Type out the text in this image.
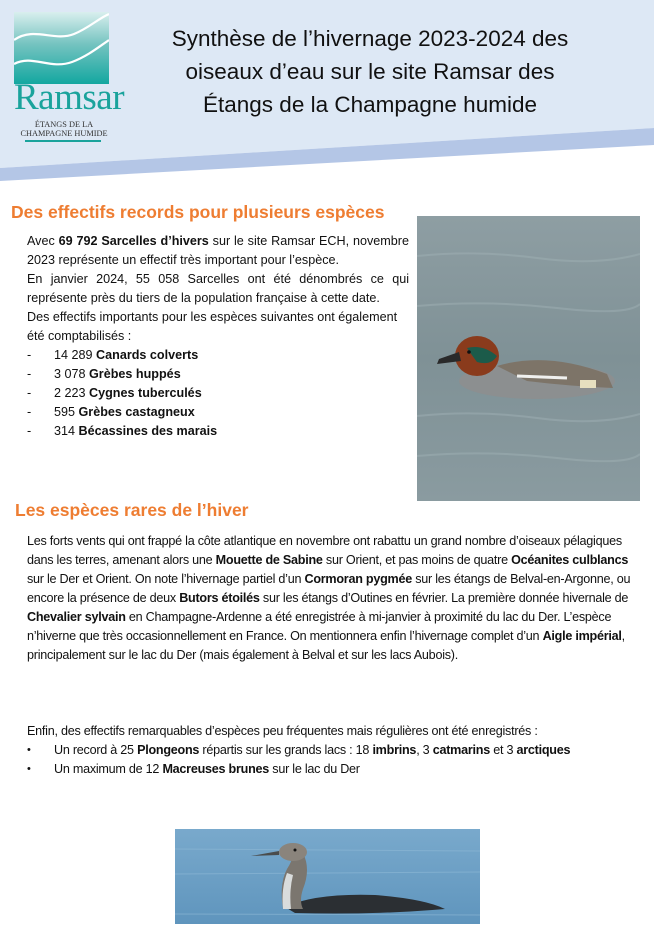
Ramsar
ÉTANGS DE LA
CHAMPAGNE HUMIDE
Synthèse de l’hivernage 2023-2024 des
oiseaux d’eau sur le site Ramsar des
Étangs de la Champagne humide
Des effectifs records pour plusieurs espèces
Avec 69 792 Sarcelles d’hivers sur le site Ramsar ECH, novembre 2023 représente un effectif très important pour l’espèce.
En janvier 2024, 55 058 Sarcelles ont été dénombrés ce qui représente près du tiers de la population française à cette date.
Des effectifs importants pour les espèces suivantes ont également été comptabilisés :
- 14 289 Canards colverts
- 3 078 Grèbes huppés
- 2 223 Cygnes tuberculés
- 595 Grèbes castagneux
- 314 Bécassines des marais
Les espèces rares de l’hiver
Les forts vents qui ont frappé la côte atlantique en novembre ont rabattu un grand nombre d’oiseaux pélagiques dans les terres, amenant alors une Mouette de Sabine sur Orient, et pas moins de quatre Océanites culblancs sur le Der et Orient. On note l’hivernage partiel d’un Cormoran pygmée sur les étangs de Belval-en-Argonne, ou encore la présence de deux Butors étoilés sur les étangs d’Outines en février. La première donnée hivernale de Chevalier sylvain en Champagne-Ardenne a été enregistrée à mi-janvier à proximité du lac du Der. L’espèce n’hiverne que très occasionnellement en France. On mentionnera enfin l’hivernage complet d’un Aigle impérial, principalement sur le lac du Der (mais également à Belval et sur les lacs Aubois).
Enfin, des effectifs remarquables d’espèces peu fréquentes mais régulières ont été enregistrés :
• Un record à 25 Plongeons répartis sur les grands lacs : 18 imbrins, 3 catmarins et 3 arctiques
• Un maximum de 12 Macreuses brunes sur le lac du Der
